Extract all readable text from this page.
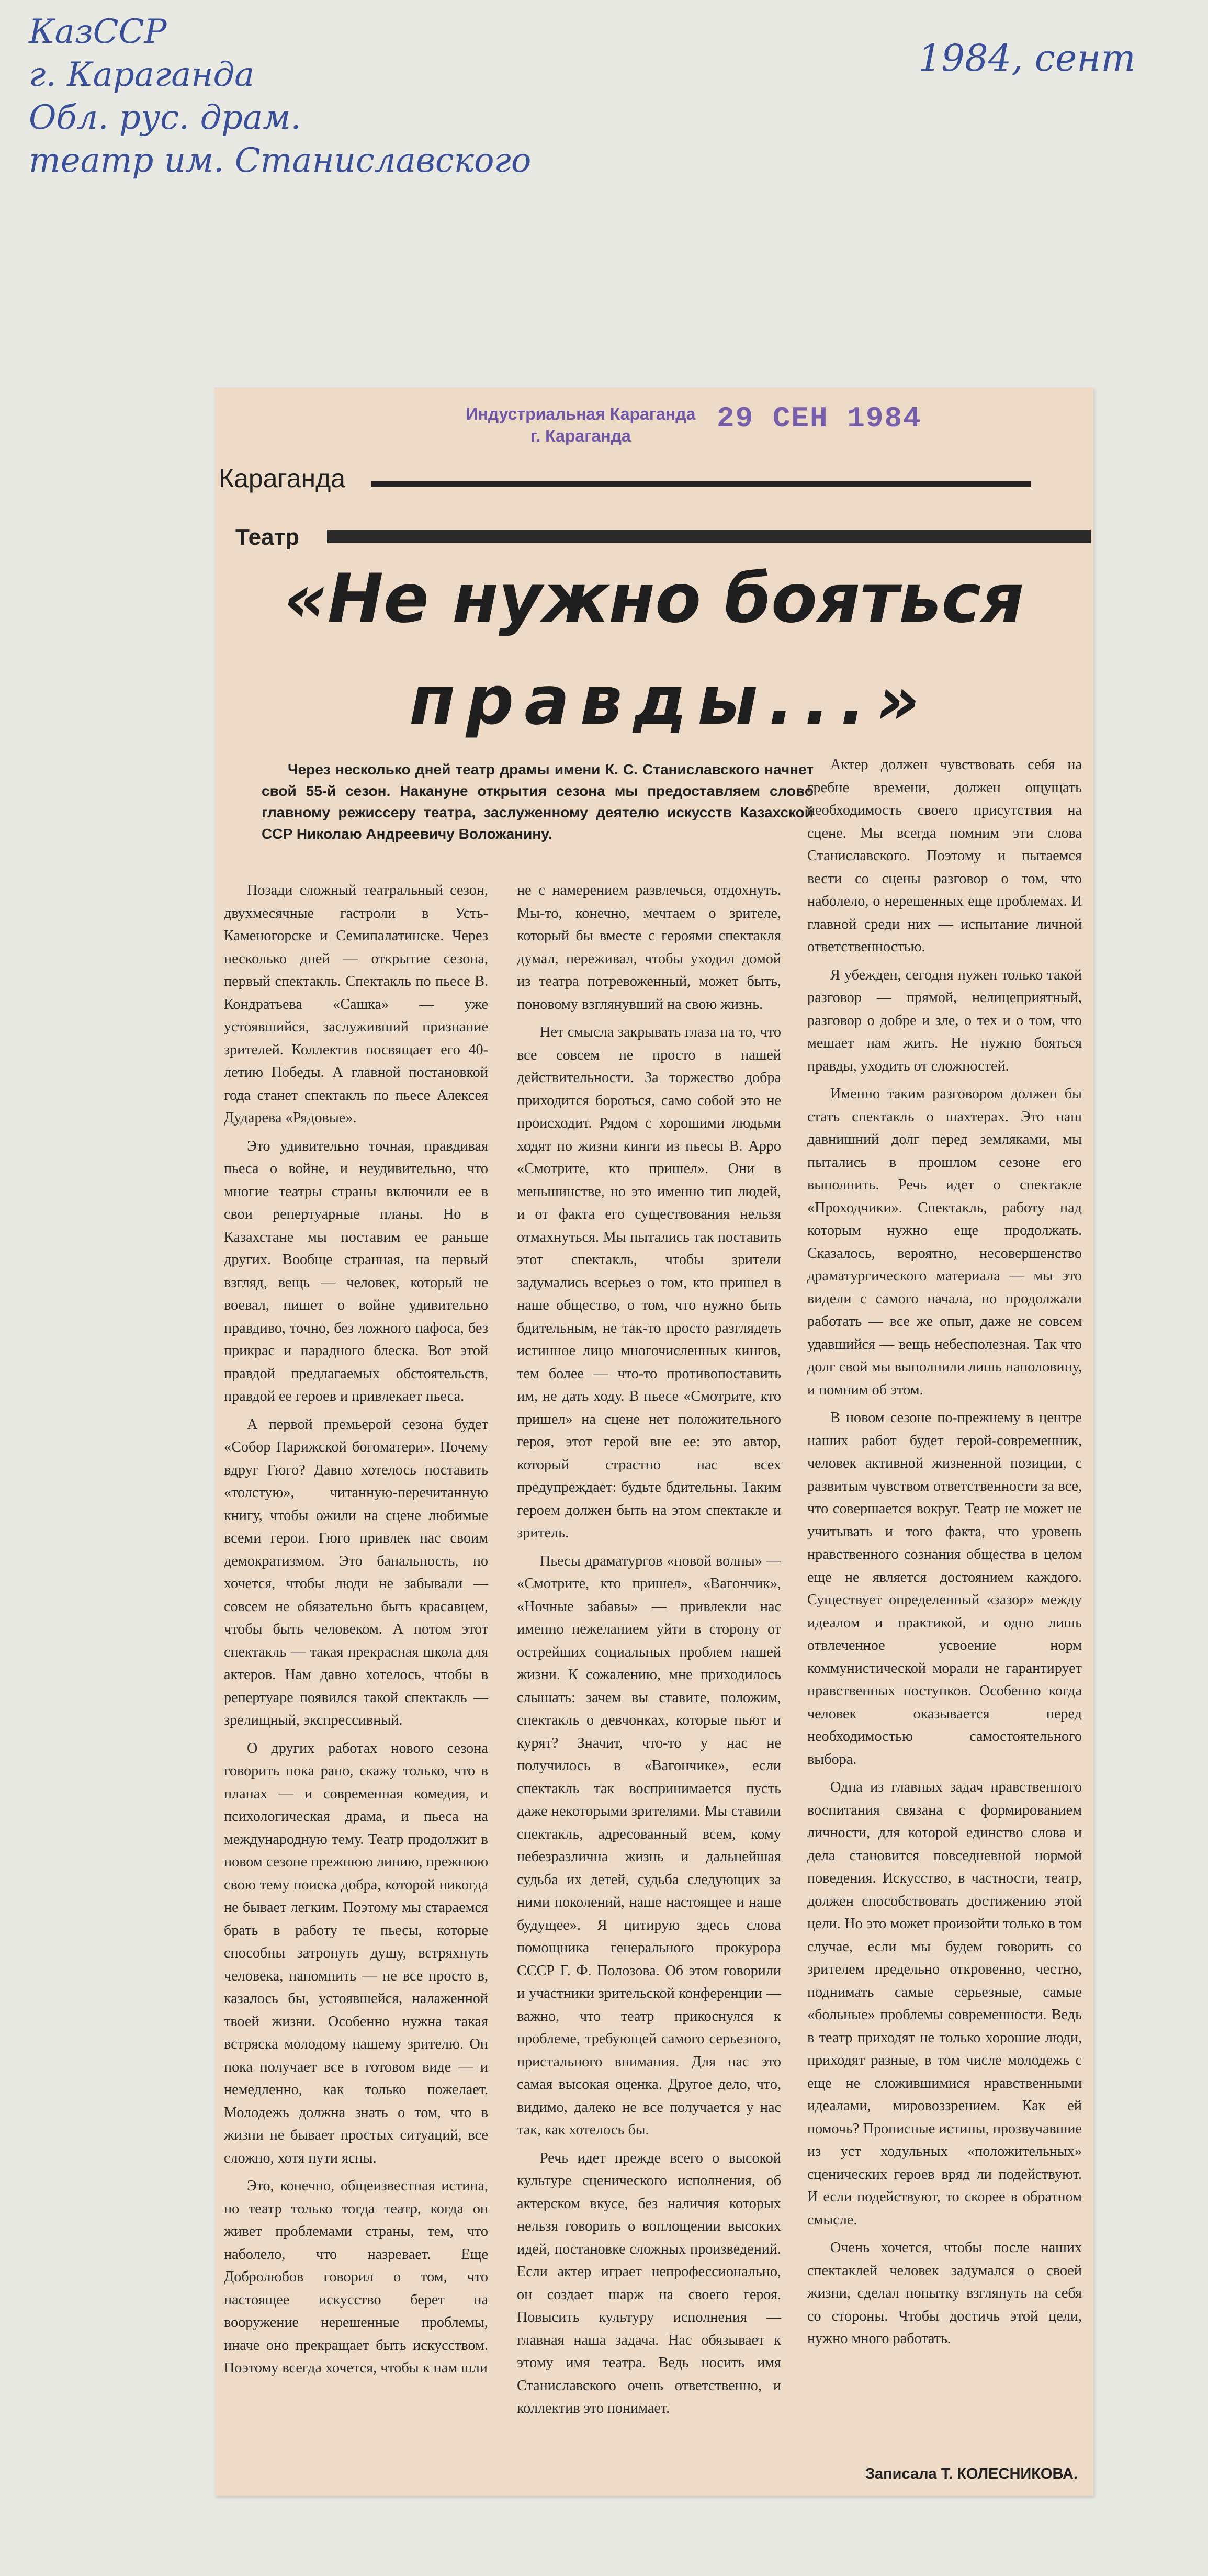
КазССР
г. Караганда
Обл. рус. драм.
театр им. Станиславского
1984, сент
Индустриальная Караганда
г. Караганда
29 СЕН 1984
Караганда
Театр
«Не нужно бояться
правды...»

Через несколько дней театр драмы имени К. С. Станиславского начнет свой 55-й сезон. Накануне открытия сезона мы предоставляем слово главному режиссеру театра, заслуженному деятелю искусств Казахской ССР Николаю Андреевичу Воложанину.

Позади сложный театральный сезон, двухмесячные гастроли в Усть-Каменогорске и Семипалатинске. Через несколько дней — открытие сезона, первый спектакль. Спектакль по пьесе В. Кондратьева «Сашка» — уже устоявшийся, заслуживший признание зрителей. Коллектив посвящает его 40-летию Победы. А главной постановкой года станет спектакль по пьесе Алексея Дударева «Рядовые».

Это удивительно точная, правдивая пьеса о войне, и неудивительно, что многие театры страны включили ее в свои репертуарные планы. Но в Казахстане мы поставим ее раньше других. Вообще странная, на первый взгляд, вещь — человек, который не воевал, пишет о войне удивительно правдиво, точно, без ложного пафоса, без прикрас и парадного блеска. Вот этой правдой предлагаемых обстоятельств, правдой ее героев и привлекает пьеса.

А первой премьерой сезона будет «Собор Парижской богоматери». Почему вдруг Гюго? Давно хотелось поставить «толстую», читанную-перечитанную книгу, чтобы ожили на сцене любимые всеми герои. Гюго привлек нас своим демократизмом. Это банальность, но хочется, чтобы люди не забывали — совсем не обязательно быть красавцем, чтобы быть человеком. А потом этот спектакль — такая прекрасная школа для актеров. Нам давно хотелось, чтобы в репертуаре появился такой спектакль — зрелищный, экспрессивный.

О других работах нового сезона говорить пока рано, скажу только, что в планах — и современная комедия, и психологическая драма, и пьеса на международную тему. Театр продолжит в новом сезоне прежнюю линию, прежнюю свою тему поиска добра, которой никогда не бывает легким. Поэтому мы стараемся брать в работу те пьесы, которые способны затронуть душу, встряхнуть человека, напомнить — не все просто в, казалось бы, устоявшейся, налаженной твоей жизни. Особенно нужна такая встряска молодому нашему зрителю. Он пока получает все в готовом виде — и немедленно, как только пожелает. Молодежь должна знать о том, что в жизни не бывает простых ситуаций, все сложно, хотя пути ясны.

Это, конечно, общеизвестная истина, но театр только тогда театр, когда он живет проблемами страны, тем, что наболело, что назревает. Еще Добролюбов говорил о том, что настоящее искусство берет на вооружение нерешенные проблемы, иначе оно прекращает быть искусством. Поэтому всегда хочется, чтобы к нам шли

не с намерением развлечься, отдохнуть. Мы-то, конечно, мечтаем о зрителе, который бы вместе с героями спектакля думал, переживал, чтобы уходил домой из театра потревоженный, может быть, поновому взглянувший на свою жизнь.

Нет смысла закрывать глаза на то, что все совсем не просто в нашей действительности. За торжество добра приходится бороться, само собой это не происходит. Рядом с хорошими людьми ходят по жизни кинги из пьесы В. Арро «Смотрите, кто пришел». Они в меньшинстве, но это именно тип людей, и от факта его существования нельзя отмахнуться. Мы пытались так поставить этот спектакль, чтобы зрители задумались всерьез о том, кто пришел в наше общество, о том, что нужно быть бдительным, не так-то просто разглядеть истинное лицо многочисленных кингов, тем более — что-то противопоставить им, не дать ходу. В пьесе «Смотрите, кто пришел» на сцене нет положительного героя, этот герой вне ее: это автор, который страстно нас всех предупреждает: будьте бдительны. Таким героем должен быть на этом спектакле и зритель.

Пьесы драматургов «новой волны» — «Смотрите, кто пришел», «Вагончик», «Ночные забавы» — привлекли нас именно нежеланием уйти в сторону от острейших социальных проблем нашей жизни. К сожалению, мне приходилось слышать: зачем вы ставите, положим, спектакль о девчонках, которые пьют и курят? Значит, что-то у нас не получилось в «Вагончике», если спектакль так воспринимается пусть даже некоторыми зрителями. Мы ставили спектакль, адресованный всем, кому небезразлична жизнь и дальнейшая судьба их детей, судьба следующих за ними поколений, наше настоящее и наше будущее». Я цитирую здесь слова помощника генерального прокурора СССР Г. Ф. Полозова. Об этом говорили и участники зрительской конференции — важно, что театр прикоснулся к проблеме, требующей самого серьезного, пристального внимания. Для нас это самая высокая оценка. Другое дело, что, видимо, далеко не все получается у нас так, как хотелось бы.

Речь идет прежде всего о высокой культуре сценического исполнения, об актерском вкусе, без наличия которых нельзя говорить о воплощении высоких идей, постановке сложных произведений. Если актер играет непрофессионально, он создает шарж на своего героя. Повысить культуру исполнения — главная наша задача. Нас обязывает к этому имя театра. Ведь носить имя Станиславского очень ответственно, и коллектив это понимает.

Актер должен чувствовать себя на гребне времени, должен ощущать необходимость своего присутствия на сцене. Мы всегда помним эти слова Станиславского. Поэтому и пытаемся вести со сцены разговор о том, что наболело, о нерешенных еще проблемах. И главной среди них — испытание личной ответственностью.

Я убежден, сегодня нужен только такой разговор — прямой, нелицеприятный, разговор о добре и зле, о тех и о том, что мешает нам жить. Не нужно бояться правды, уходить от сложностей.

Именно таким разговором должен бы стать спектакль о шахтерах. Это наш давнишний долг перед земляками, мы пытались в прошлом сезоне его выполнить. Речь идет о спектакле «Проходчики». Спектакль, работу над которым нужно еще продолжать. Сказалось, вероятно, несовершенство драматургического материала — мы это видели с самого начала, но продолжали работать — все же опыт, даже не совсем удавшийся — вещь небесполезная. Так что долг свой мы выполнили лишь наполовину, и помним об этом.

В новом сезоне по-прежнему в центре наших работ будет герой-современник, человек активной жизненной позиции, с развитым чувством ответственности за все, что совершается вокруг. Театр не может не учитывать и того факта, что уровень нравственного сознания общества в целом еще не является достоянием каждого. Существует определенный «зазор» между идеалом и практикой, и одно лишь отвлеченное усвоение норм коммунистической морали не гарантирует нравственных поступков. Особенно когда человек оказывается перед необходимостью самостоятельного выбора.

Одна из главных задач нравственного воспитания связана с формированием личности, для которой единство слова и дела становится повседневной нормой поведения. Искусство, в частности, театр, должен способствовать достижению этой цели. Но это может произойти только в том случае, если мы будем говорить со зрителем предельно откровенно, честно, поднимать самые серьезные, самые «больные» проблемы современности. Ведь в театр приходят не только хорошие люди, приходят разные, в том числе молодежь с еще не сложившимися нравственными идеалами, мировоззрением. Как ей помочь? Прописные истины, прозвучавшие из уст ходульных «положительных» сценических героев вряд ли подействуют. И если подействуют, то скорее в обратном смысле.

Очень хочется, чтобы после наших спектаклей человек задумался о своей жизни, сделал попытку взглянуть на себя со стороны. Чтобы достичь этой цели, нужно много работать.

Записала Т. КОЛЕСНИКОВА.
